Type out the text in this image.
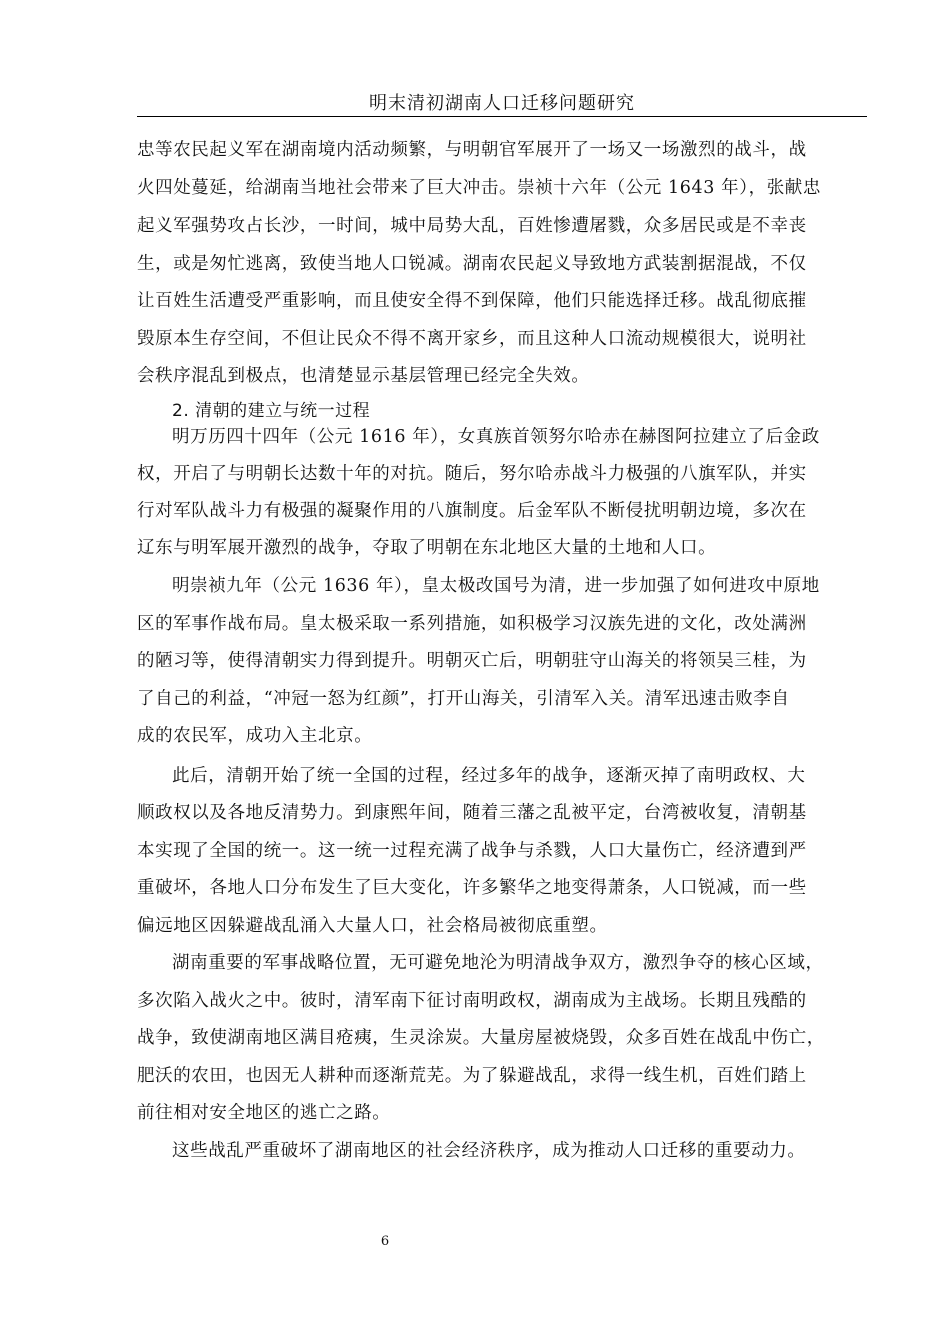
明末清初湖南人口迁移问题研究
忠等农民起义军在湖南境内活动频繁，与明朝官军展开了一场又一场激烈的战斗，战
火四处蔓延，给湖南当地社会带来了巨大冲击。崇祯十六年（公元 1643 年），张献忠
起义军强势攻占长沙，一时间，城中局势大乱，百姓惨遭屠戮，众多居民或是不幸丧
生，或是匆忙逃离，致使当地人口锐减。湖南农民起义导致地方武装割据混战，不仅
让百姓生活遭受严重影响，而且使安全得不到保障，他们只能选择迁移。战乱彻底摧
毁原本生存空间，不但让民众不得不离开家乡，而且这种人口流动规模很大，说明社
会秩序混乱到极点，也清楚显示基层管理已经完全失效。
2. 清朝的建立与统一过程
明万历四十四年（公元 1616 年），女真族首领努尔哈赤在赫图阿拉建立了后金政
权，开启了与明朝长达数十年的对抗。随后，努尔哈赤战斗力极强的八旗军队，并实
行对军队战斗力有极强的凝聚作用的八旗制度。后金军队不断侵扰明朝边境，多次在
辽东与明军展开激烈的战争，夺取了明朝在东北地区大量的土地和人口。
明崇祯九年（公元 1636 年），皇太极改国号为清，进一步加强了如何进攻中原地
区的军事作战布局。皇太极采取一系列措施，如积极学习汉族先进的文化，改处满洲
的陋习等，使得清朝实力得到提升。明朝灭亡后，明朝驻守山海关的将领吴三桂，为
了自己的利益，“冲冠一怒为红颜”，打开山海关，引清军入关。清军迅速击败李自
成的农民军，成功入主北京。
此后，清朝开始了统一全国的过程，经过多年的战争，逐渐灭掉了南明政权、大
顺政权以及各地反清势力。到康熙年间，随着三藩之乱被平定，台湾被收复，清朝基
本实现了全国的统一。这一统一过程充满了战争与杀戮，人口大量伤亡，经济遭到严
重破坏，各地人口分布发生了巨大变化，许多繁华之地变得萧条，人口锐减，而一些
偏远地区因躲避战乱涌入大量人口，社会格局被彻底重塑。
湖南重要的军事战略位置，无可避免地沦为明清战争双方，激烈争夺的核心区域，
多次陷入战火之中。彼时，清军南下征讨南明政权，湖南成为主战场。长期且残酷的
战争，致使湖南地区满目疮痍，生灵涂炭。大量房屋被烧毁，众多百姓在战乱中伤亡，
肥沃的农田，也因无人耕种而逐渐荒芜。为了躲避战乱，求得一线生机，百姓们踏上
前往相对安全地区的逃亡之路。
这些战乱严重破坏了湖南地区的社会经济秩序，成为推动人口迁移的重要动力。
6
